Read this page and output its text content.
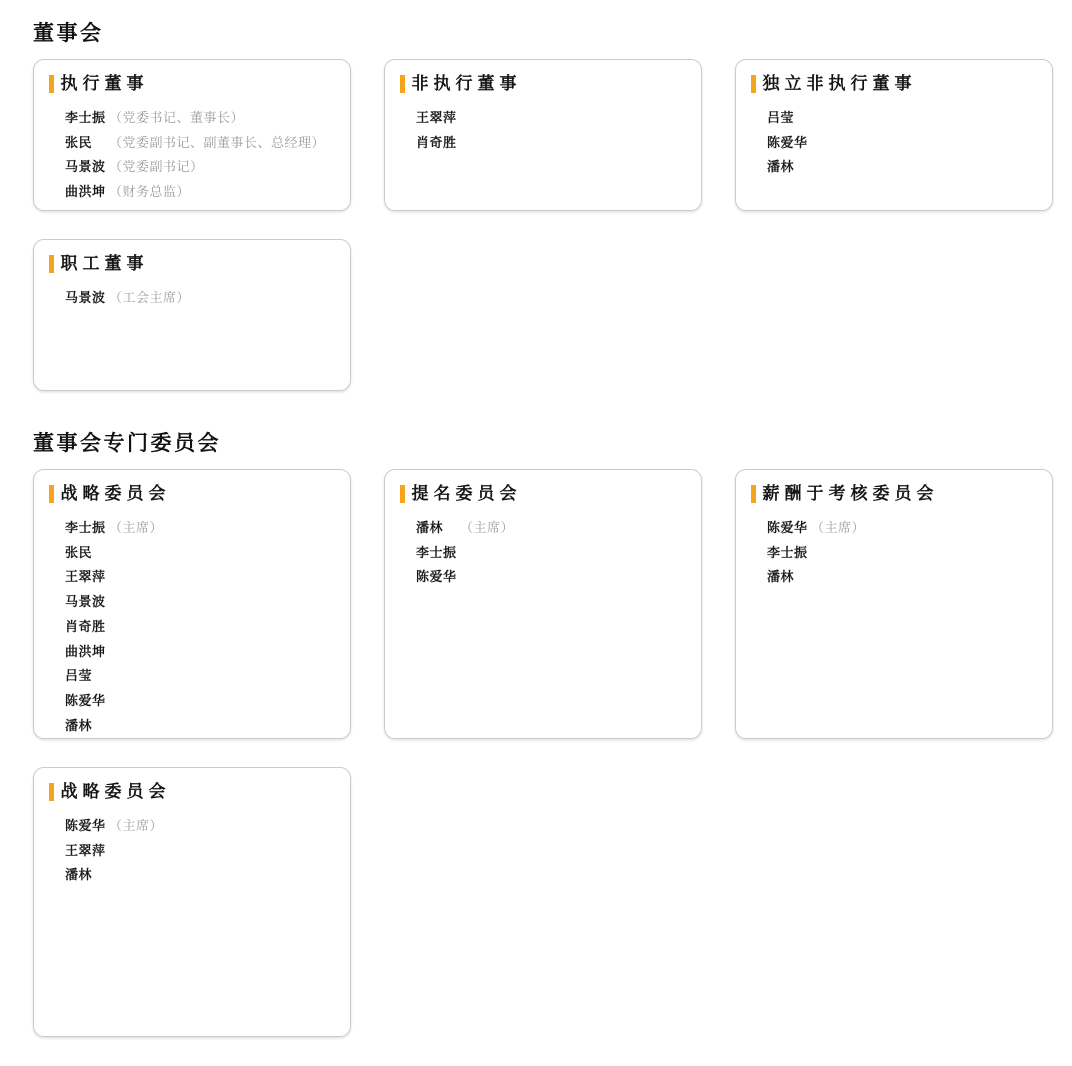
董事会
执行董事
李士振 （党委书记、董事长）
张民 （党委副书记、副董事长、总经理）
马景波 （党委副书记）
曲洪坤 （财务总监）
非执行董事
王翠萍
肖奇胜
独立非执行董事
吕莹
陈爱华
潘林
职工董事
马景波 （工会主席）
董事会专门委员会
战略委员会
李士振 （主席）
张民
王翠萍
马景波
肖奇胜
曲洪坤
吕莹
陈爱华
潘林
提名委员会
潘林 （主席）
李士振
陈爱华
薪酬于考核委员会
陈爱华 （主席）
李士振
潘林
战略委员会
陈爱华 （主席）
王翠萍
潘林
